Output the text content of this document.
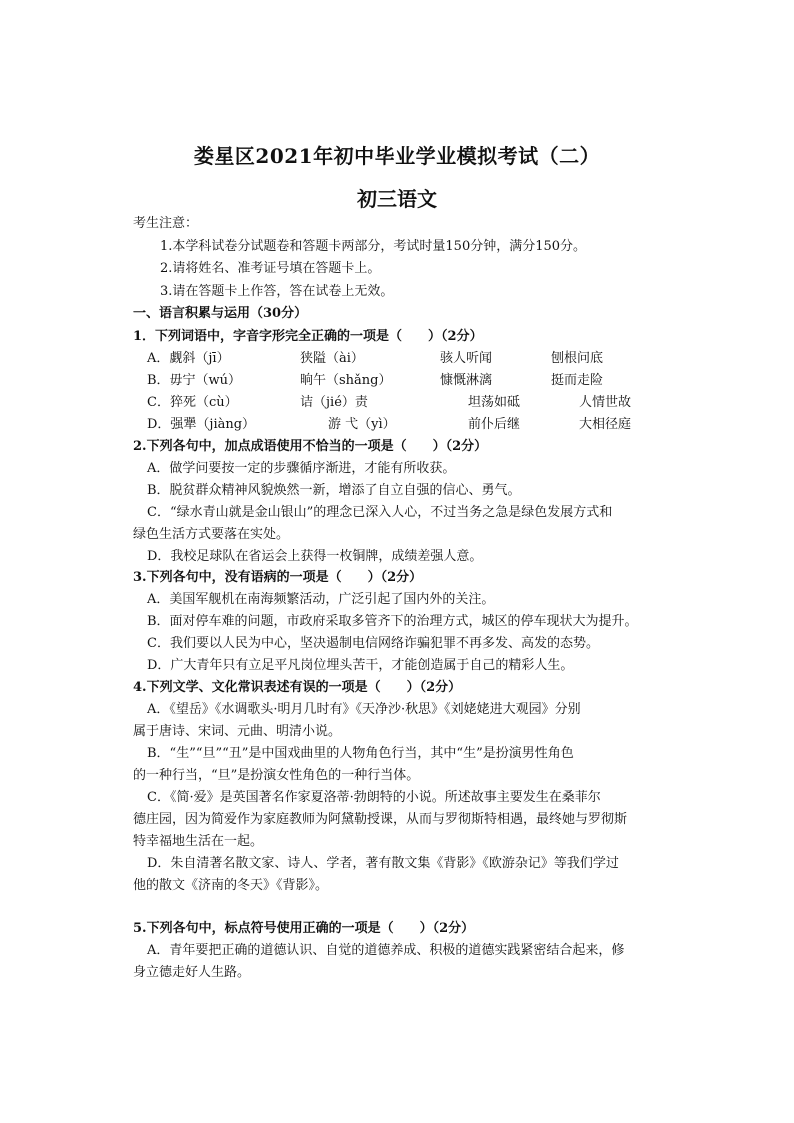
娄星区2021年初中毕业学业模拟考试（二）
初三语文
考生注意：
1.本学科试卷分试题卷和答题卡两部分，考试时量150分钟，满分150分。
2.请将姓名、准考证号填在答题卡上。
3.请在答题卡上作答，答在试卷上无效。
一、语言积累与运用（30分）
1．下列词语中，字音字形完全正确的一项是（　　）（2分）
A．觑斜（jī）	狭隘（ài）	骇人听闻	刨根问底
B．毋宁（wú）	晌午（shǎng）	慷慨淋漓	挺而走险
C．猝死（cù）	诘（jié）责	坦荡如砥	人情世故
D．强犟（jiàng）	游 弋（yì）	前仆后继	大相径庭
2.下列各句中，加点成语使用不恰当的一项是（　　）（2分）
A．做学问要按一定的步骤循序渐进，才能有所收获。
B．脱贫群众精神风貌焕然一新，增添了自立自强的信心、勇气。
C．“绿水青山就是金山银山”的理念已深入人心，不过当务之急是绿色发展方式和
绿色生活方式要落在实处。
D．我校足球队在省运会上获得一枚铜牌，成绩差强人意。
3.下列各句中，没有语病的一项是（　　）（2分）
A．美国军舰机在南海频繁活动，广泛引起了国内外的关注。
B．面对停车难的问题，市政府采取多管齐下的治理方式，城区的停车现状大为提升。
C．我们要以人民为中心，坚决遏制电信网络诈骗犯罪不再多发、高发的态势。
D．广大青年只有立足平凡岗位埋头苦干，才能创造属于自己的精彩人生。
4.下列文学、文化常识表述有误的一项是（　　）（2分）
A．《望岳》《水调歌头·明月几时有》《天净沙·秋思》《刘姥姥进大观园》分别
属于唐诗、宋词、元曲、明清小说。
B．“生”“旦”“丑”是中国戏曲里的人物角色行当，其中“生”是扮演男性角色
的一种行当，“旦”是扮演女性角色的一种行当体。
C．《简·爱》是英国著名作家夏洛蒂·勃朗特的小说。所述故事主要发生在桑菲尔
德庄园，因为简爱作为家庭教师为阿黛勒授课，从而与罗彻斯特相遇，最终她与罗彻斯
特幸福地生活在一起。
D．朱自清著名散文家、诗人、学者，著有散文集《背影》《欧游杂记》等我们学过
他的散文《济南的冬天》《背影》。
5.下列各句中，标点符号使用正确的一项是（　　）（2分）
A．青年要把正确的道德认识、自觉的道德养成、积极的道德实践紧密结合起来，修
身立德走好人生路。
